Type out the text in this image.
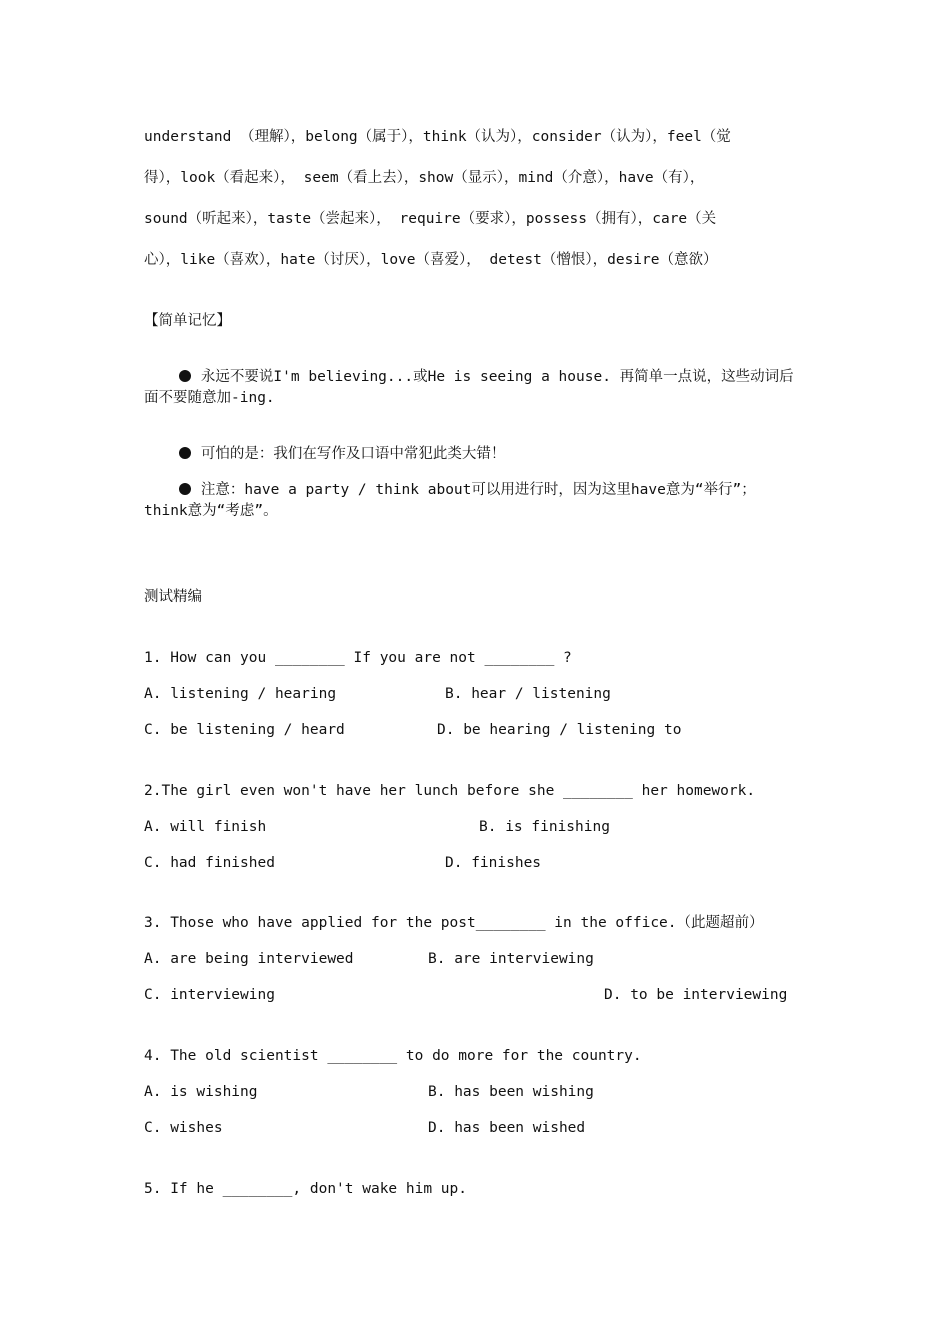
understand （理解），belong（属于），think（认为），consider（认为），feel（觉
得），look（看起来）， seem（看上去），show（显示），mind（介意），have（有），
sound（听起来），taste（尝起来）， require（要求），possess（拥有），care（关
心），like（喜欢），hate（讨厌），love（喜爱）， detest（憎恨），desire（意欲）
【简单记忆】

永远不要说I'm believing...或He is seeing a house. 再简单一点说，这些动词后

面不要随意加-ing.

可怕的是：我们在写作及口语中常犯此类大错！

注意：have a party / think about可以用进行时，因为这里have意为“举行”；

think意为“考虑”。
测试精编
1. How can you ________ If you are not ________ ?
A. listening / hearing	B. hear / listening
C. be listening / heard	D. be hearing / listening to
2.The girl even won't have her lunch before she ________ her homework.
A. will finish	B. is finishing
C. had finished	D. finishes
3. Those who have applied for the post________ in the office.（此题超前）
A. are being interviewed	B. are interviewing
C. interviewing	D. to be interviewing
4. The old scientist ________ to do more for the country.
A. is wishing	B. has been wishing
C. wishes	D. has been wished
5. If he ________, don't wake him up.
